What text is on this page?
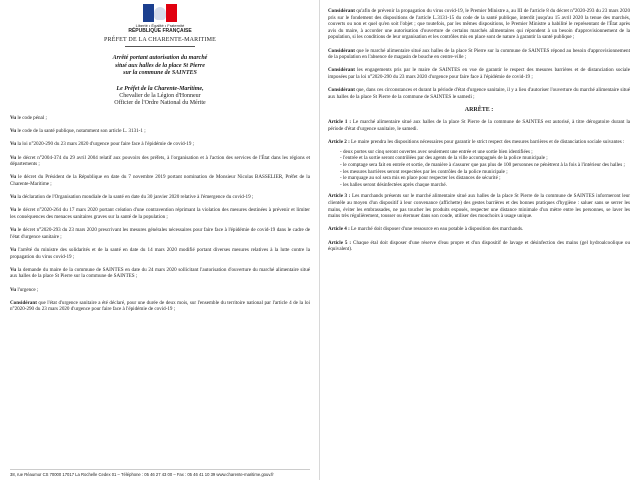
Liberté • Égalité • Fraternité
RÉPUBLIQUE FRANÇAISE
PRÉFET DE LA CHARENTE-MARITIME
Arrêté portant autorisation du marché
situé aux halles de la place St Pierre
sur la commune de SAINTES
Le Préfet de la Charente-Maritime,
Chevalier de la Légion d'Honneur
Officier de l'Ordre National du Mérite

Vu le code pénal ;

Vu le code de la santé publique, notamment son article L. 3131-1 ;

Vu la loi n°2020-290 du 23 mars 2020 d'urgence pour faire face à l'épidémie de covid-19 ;

Vu le décret n°2004-374 du 29 avril 2004 relatif aux pouvoirs des préfets, à l'organisation et à l'action des services de l'État dans les régions et départements ;

Vu le décret du Président de la République en date du 7 novembre 2019 portant nomination de Monsieur Nicolas BASSELIER, Préfet de la Charente-Maritime ;

Vu la déclaration de l'Organisation mondiale de la santé en date du 30 janvier 2020 relative à l'émergence du covid-19 ;

Vu le décret n°2020-264 du 17 mars 2020 portant création d'une contravention réprimant la violation des mesures destinées à prévenir et limiter les conséquences des menaces sanitaires graves sur la santé de la population ;

Vu le décret n°2020-293 du 23 mars 2020 prescrivant les mesures générales nécessaires pour faire face à l'épidémie de covid-19 dans le cadre de l'état d'urgence sanitaire ;

Vu l'arrêté du ministre des solidarités et de la santé en date du 14 mars 2020 modifié portant diverses mesures relatives à la lutte contre la propagation du virus covid-19 ;

Vu la demande du maire de la commune de SAINTES en date du 24 mars 2020 sollicitant l'autorisation d'ouverture du marché alimentaire situé aux halles de la place St Pierre sur la commune de SAINTES ;

Vu l'urgence ;

Considérant que l'état d'urgence sanitaire a été déclaré, pour une durée de deux mois, sur l'ensemble du territoire national par l'article 4 de la loi n°2020-290 du 23 mars 2020 d'urgence pour faire face à l'épidémie de covid-19 ;

38, rue Réaumur CS 70000 17017 La Rochelle Cedex 01 – Téléphone : 05 46 27 43 00 – Fax : 05 46 41 10 39 www.charente-maritime.gouv.fr

Considérant qu'afin de prévenir la propagation du virus covid-19, le Premier Ministre a, au III de l'article 8 du décret n°2020-293 du 23 mars 2020 pris sur le fondement des dispositions de l'article L.3131-15 du code de la santé publique, interdit jusqu'au 15 avril 2020 la tenue des marchés, couverts ou non et quel qu'en soit l'objet ; que toutefois, par les mêmes dispositions, le Premier Ministre a habilité le représentant de l'État après avis du maire, à accorder une autorisation d'ouverture de certains marchés alimentaires qui répondent à un besoin d'approvisionnement de la population, si les conditions de leur organisation et les contrôles mis en place sont de nature à garantir la santé publique ;

Considérant que le marché alimentaire situé aux halles de la place St Pierre sur la commune de SAINTES répond au besoin d'approvisionnement de la population en l'absence de magasin de bouche en centre-ville ;

Considérant les engagements pris par le maire de SAINTES en vue de garantir le respect des mesures barrières et de distanciation sociale imposées par la loi n°2020-290 du 23 mars 2020 d'urgence pour faire face à l'épidémie de covid-19 ;

Considérant que, dans ces circonstances et durant la période d'état d'urgence sanitaire, il y a lieu d'autoriser l'ouverture du marché alimentaire situé aux halles de la place St Pierre de la commune de SAINTES le samedi ;

ARRÊTE :

Article 1 : Le marché alimentaire situé aux halles de la place St Pierre de la commune de SAINTES est autorisé, à titre dérogatoire durant la période d'état d'urgence sanitaire, le samedi.

Article 2 : Le maire prendra les dispositions nécessaires pour garantir le strict respect des mesures barrières et de distanciation sociale suivantes :

- deux portes sur cinq seront ouvertes avec seulement une entrée et une sortie bien identifiées ;
- l'entrée et la sortie seront contrôlées par des agents de la ville accompagnés de la police municipale ;
- le comptage sera fait en entrée et sortie, de manière à s'assurer que pas plus de 100 personnes ne pénètrent à la fois à l'intérieur des halles ;
- les mesures barrières seront respectées par les contrôles de la police municipale ;
- le marquage au sol sera mis en place pour respecter les distances de sécurité ;
- les halles seront désinfectées après chaque marché.

Article 3 : Les marchands présents sur le marché alimentaire situé aux halles de la place St Pierre de la commune de SAINTES informeront leur clientèle au moyen d'un dispositif à leur convenance (affichette) des gestes barrières et des bonnes pratiques d'hygiène : saluer sans se serrer les mains, éviter les embrassades, ne pas toucher les produits exposés, respecter une distance minimale d'un mètre entre les personnes, se laver les mains très régulièrement, tousser ou éternuer dans son coude, utiliser des mouchoirs à usage unique.

Article 4 : Le marché doit disposer d'une ressource en eau potable à disposition des marchands.

Article 5 : Chaque étal doit disposer d'une réserve d'eau propre et d'un dispositif de lavage et désinfection des mains (gel hydroalcoolique ou équivalent).
